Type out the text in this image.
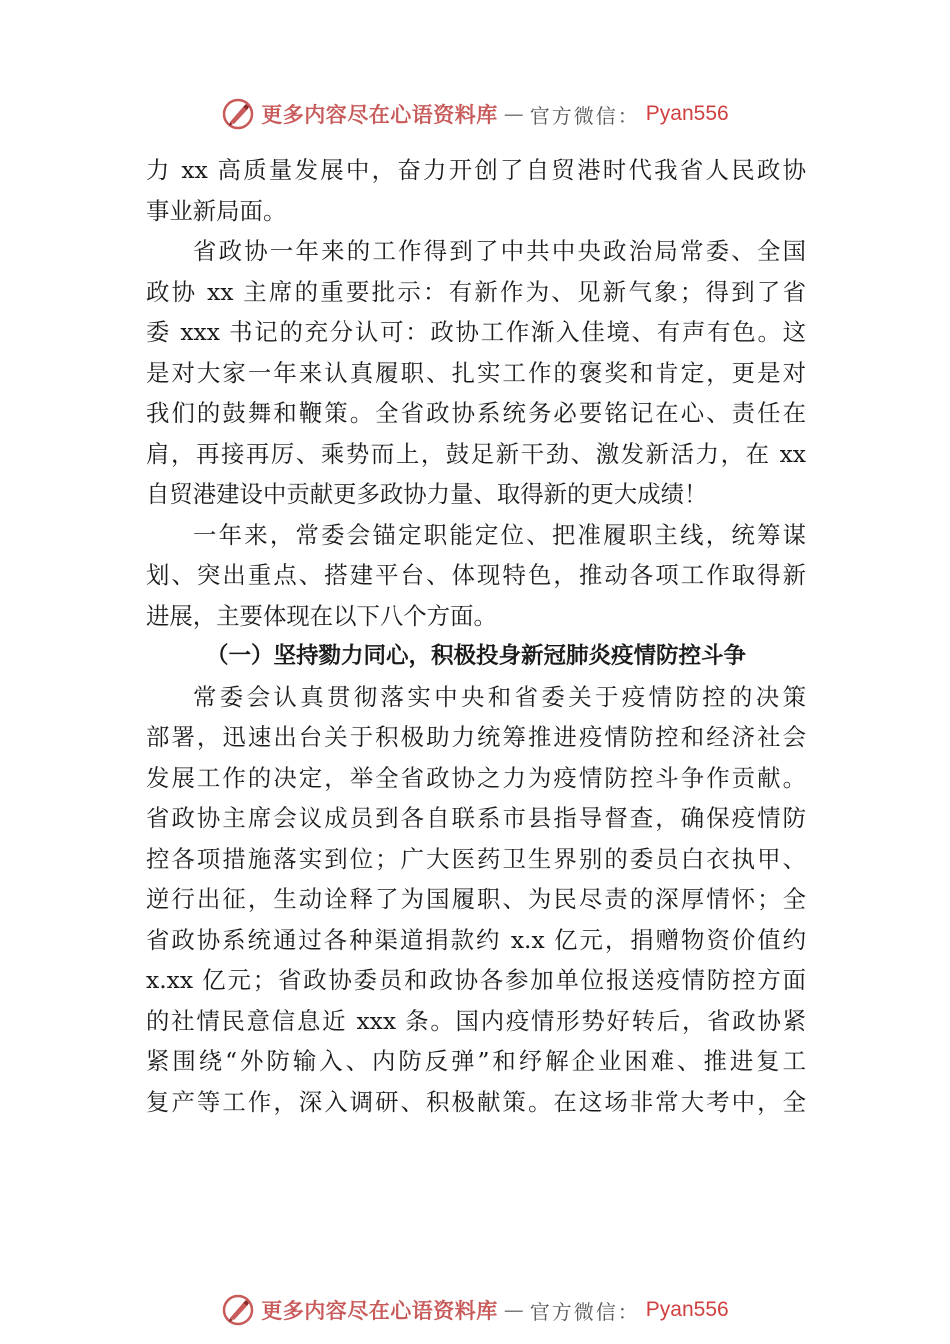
更多内容尽在心语资料库 — 官方微信： Pyan556
力 xx 高质量发展中，奋力开创了自贸港时代我省人民政协
事业新局面。
省政协一年来的工作得到了中共中央政治局常委、全国
政协 xx 主席的重要批示：有新作为、见新气象；得到了省
委 xxx 书记的充分认可：政协工作渐入佳境、有声有色。这
是对大家一年来认真履职、扎实工作的褒奖和肯定，更是对
我们的鼓舞和鞭策。全省政协系统务必要铭记在心、责任在
肩，再接再厉、乘势而上，鼓足新干劲、激发新活力，在 xx
自贸港建设中贡献更多政协力量、取得新的更大成绩！
一年来，常委会锚定职能定位、把准履职主线，统筹谋
划、突出重点、搭建平台、体现特色，推动各项工作取得新
进展，主要体现在以下八个方面。
（一）坚持勠力同心，积极投身新冠肺炎疫情防控斗争
常委会认真贯彻落实中央和省委关于疫情防控的决策
部署，迅速出台关于积极助力统筹推进疫情防控和经济社会
发展工作的决定，举全省政协之力为疫情防控斗争作贡献。
省政协主席会议成员到各自联系市县指导督查，确保疫情防
控各项措施落实到位；广大医药卫生界别的委员白衣执甲、
逆行出征，生动诠释了为国履职、为民尽责的深厚情怀；全
省政协系统通过各种渠道捐款约 x.x 亿元，捐赠物资价值约
x.xx 亿元；省政协委员和政协各参加单位报送疫情防控方面
的社情民意信息近 xxx 条。国内疫情形势好转后，省政协紧
紧围绕“外防输入、内防反弹”和纾解企业困难、推进复工
复产等工作，深入调研、积极献策。在这场非常大考中，全
更多内容尽在心语资料库 — 官方微信： Pyan556
